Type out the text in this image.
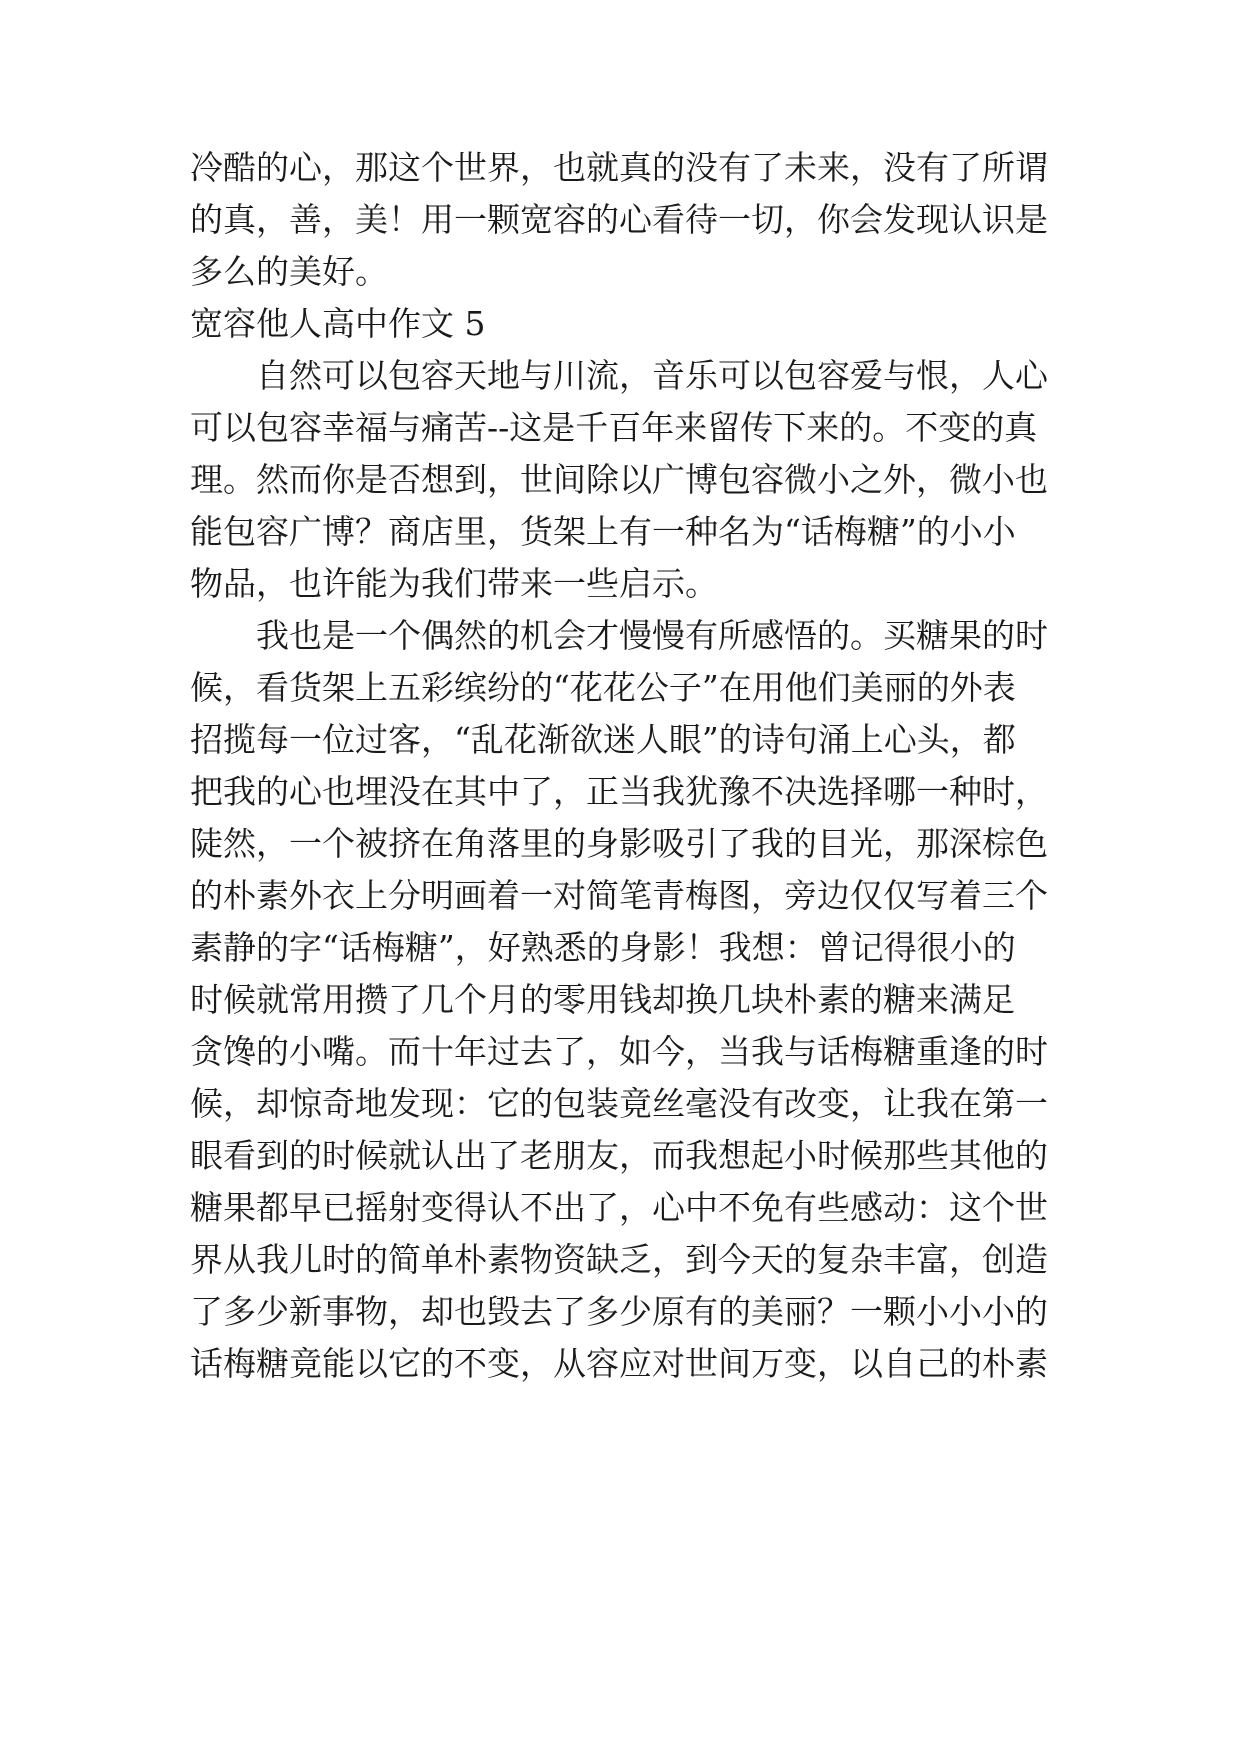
冷酷的心，那这个世界，也就真的没有了未来，没有了所谓
的真，善，美！用一颗宽容的心看待一切，你会发现认识是
多么的美好。
宽容他人高中作文 5
自然可以包容天地与川流，音乐可以包容爱与恨，人心
可以包容幸福与痛苦--这是千百年来留传下来的。不变的真
理。然而你是否想到，世间除以广博包容微小之外，微小也
能包容广博？商店里，货架上有一种名为“话梅糖”的小小
物品，也许能为我们带来一些启示。
我也是一个偶然的机会才慢慢有所感悟的。买糖果的时
候，看货架上五彩缤纷的“花花公子”在用他们美丽的外表
招揽每一位过客，“乱花渐欲迷人眼”的诗句涌上心头，都
把我的心也埋没在其中了，正当我犹豫不决选择哪一种时，
陡然，一个被挤在角落里的身影吸引了我的目光，那深棕色
的朴素外衣上分明画着一对简笔青梅图，旁边仅仅写着三个
素静的字“话梅糖”，好熟悉的身影！我想：曾记得很小的
时候就常用攒了几个月的零用钱却换几块朴素的糖来满足
贪馋的小嘴。而十年过去了，如今，当我与话梅糖重逢的时
候，却惊奇地发现：它的包装竟丝毫没有改变，让我在第一
眼看到的时候就认出了老朋友，而我想起小时候那些其他的
糖果都早已摇射变得认不出了，心中不免有些感动：这个世
界从我儿时的简单朴素物资缺乏，到今天的复杂丰富，创造
了多少新事物，却也毁去了多少原有的美丽？一颗小小小的
话梅糖竟能以它的不变，从容应对世间万变，以自己的朴素
